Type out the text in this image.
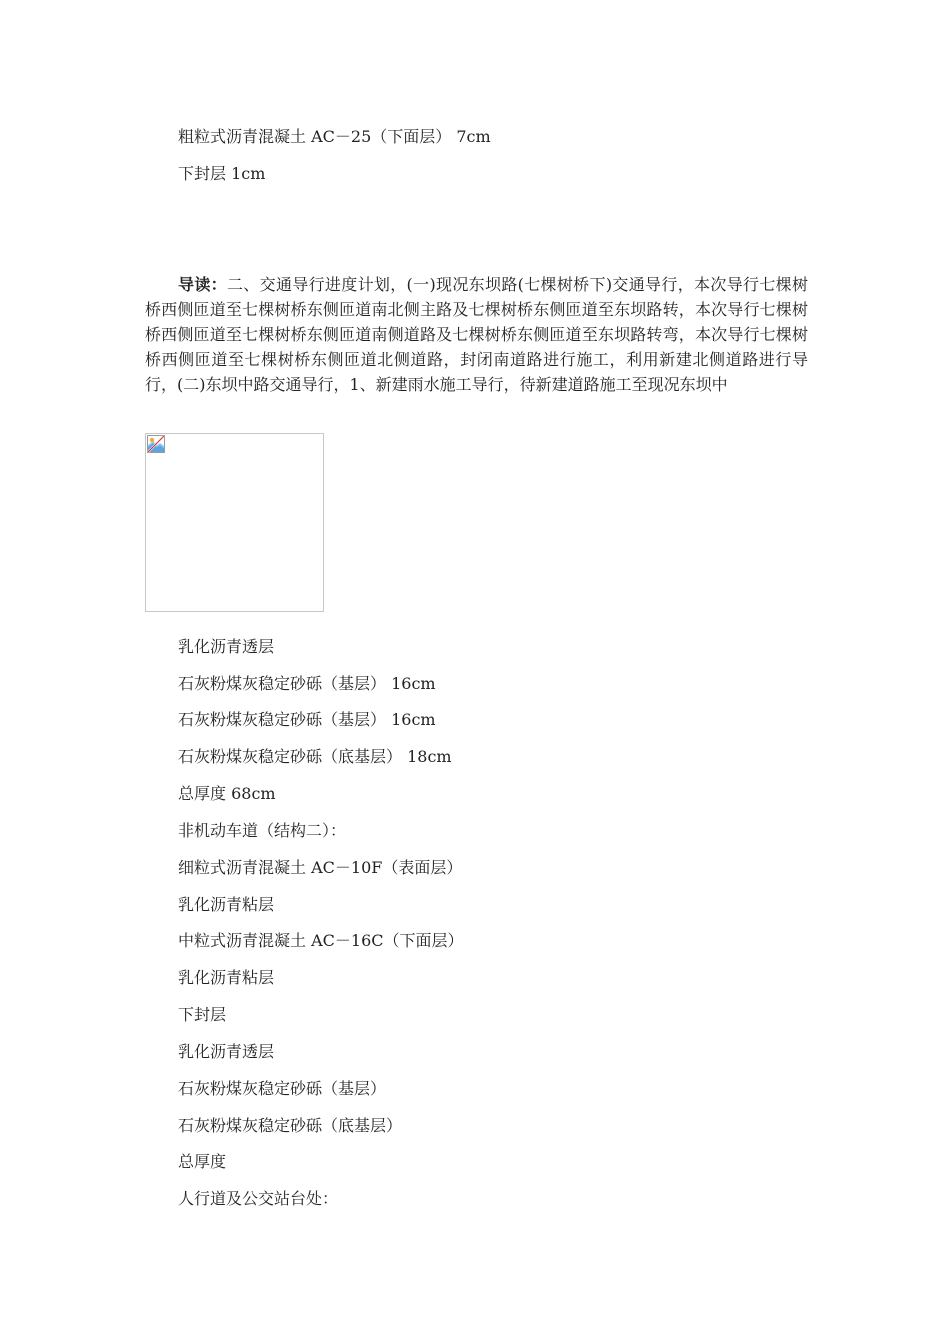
粗粒式沥青混凝土 AC－25（下面层） 7cm
下封层 1cm
导读：二、交通导行进度计划，(一)现况东坝路(七棵树桥下)交通导行，本次导行七棵树桥西侧匝道至七棵树桥东侧匝道南北侧主路及七棵树桥东侧匝道至东坝路转，本次导行七棵树桥西侧匝道至七棵树桥东侧匝道南侧道路及七棵树桥东侧匝道至东坝路转弯，本次导行七棵树桥西侧匝道至七棵树桥东侧匝道北侧道路，封闭南道路进行施工，利用新建北侧道路进行导行，(二)东坝中路交通导行，1、新建雨水施工导行，待新建道路施工至现况东坝中
乳化沥青透层
石灰粉煤灰稳定砂砾（基层） 16cm
石灰粉煤灰稳定砂砾（基层） 16cm
石灰粉煤灰稳定砂砾（底基层） 18cm
总厚度 68cm
非机动车道（结构二）：
细粒式沥青混凝土 AC－10F（表面层）
乳化沥青粘层
中粒式沥青混凝土 AC－16C（下面层）
乳化沥青粘层
下封层
乳化沥青透层
石灰粉煤灰稳定砂砾（基层）
石灰粉煤灰稳定砂砾（底基层）
总厚度
人行道及公交站台处：
